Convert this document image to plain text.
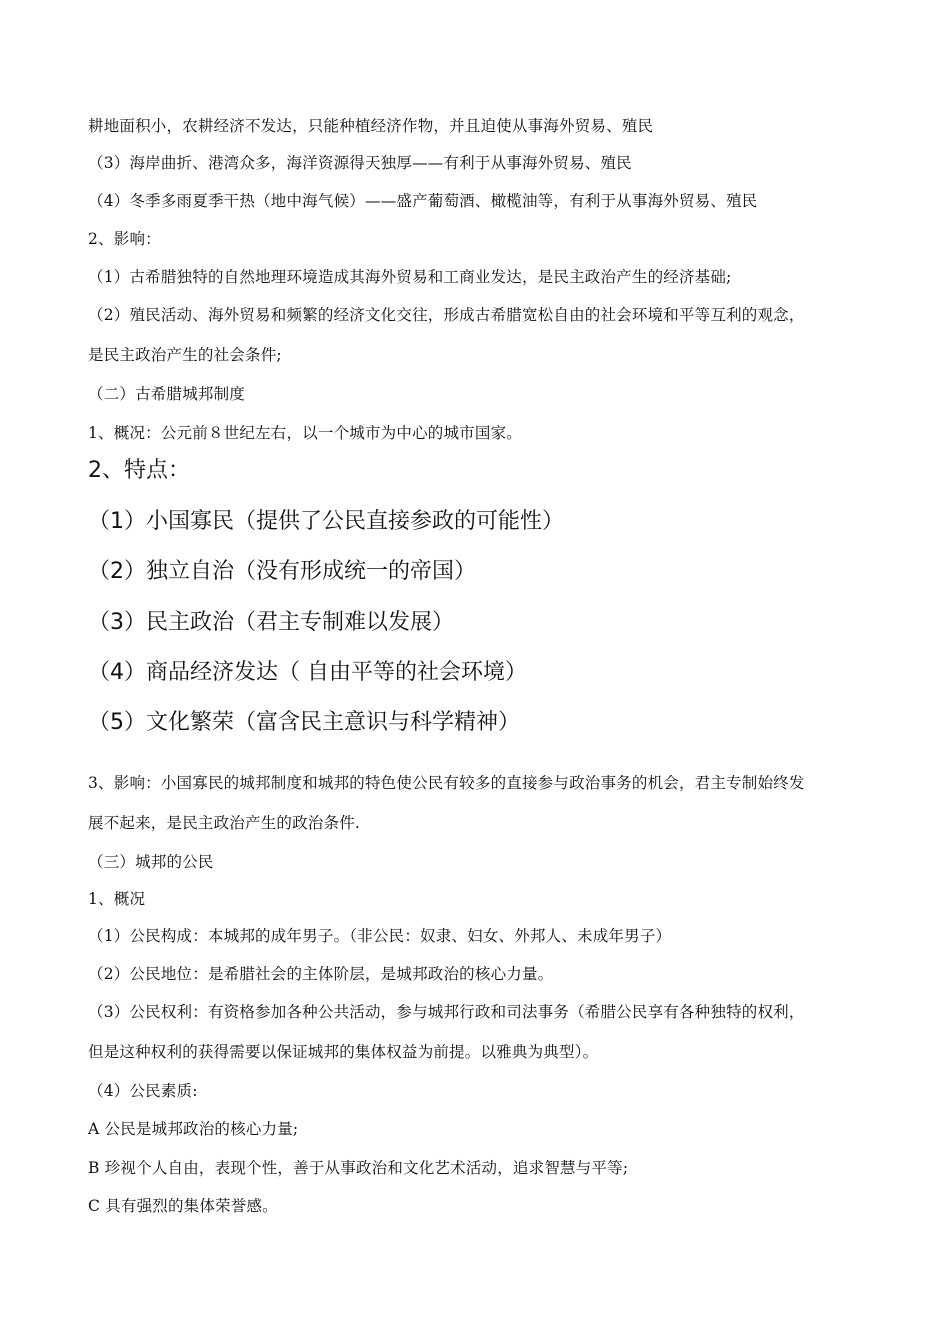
耕地面积小，农耕经济不发达，只能种植经济作物，并且迫使从事海外贸易、殖民
（3）海岸曲折、港湾众多，海洋资源得天独厚——有利于从事海外贸易、殖民
（4）冬季多雨夏季干热（地中海气候）——盛产葡萄酒、橄榄油等，有利于从事海外贸易、殖民
2、影响：
（1）古希腊独特的自然地理环境造成其海外贸易和工商业发达，是民主政治产生的经济基础;
（2）殖民活动、海外贸易和频繁的经济文化交往，形成古希腊宽松自由的社会环境和平等互利的观念，
是民主政治产生的社会条件;
（二）古希腊城邦制度
1、概况：公元前８世纪左右，以一个城市为中心的城市国家。
2、特点：
（1）小国寡民（提供了公民直接参政的可能性）
（2）独立自治（没有形成统一的帝国）
（3）民主政治（君主专制难以发展）
（4）商品经济发达（ 自由平等的社会环境）
（5）文化繁荣（富含民主意识与科学精神）
3、影响：小国寡民的城邦制度和城邦的特色使公民有较多的直接参与政治事务的机会，君主专制始终发
展不起来，是民主政治产生的政治条件.
（三）城邦的公民
1、概况
（1）公民构成：本城邦的成年男子。（非公民：奴隶、妇女、外邦人、未成年男子）
（2）公民地位：是希腊社会的主体阶层，是城邦政治的核心力量。
（3）公民权利：有资格参加各种公共活动，参与城邦行政和司法事务（希腊公民享有各种独特的权利，
但是这种权利的获得需要以保证城邦的集体权益为前提。以雅典为典型）。
（4）公民素质:
A 公民是城邦政治的核心力量;
B 珍视个人自由，表现个性，善于从事政治和文化艺术活动，追求智慧与平等;
C 具有强烈的集体荣誉感。
